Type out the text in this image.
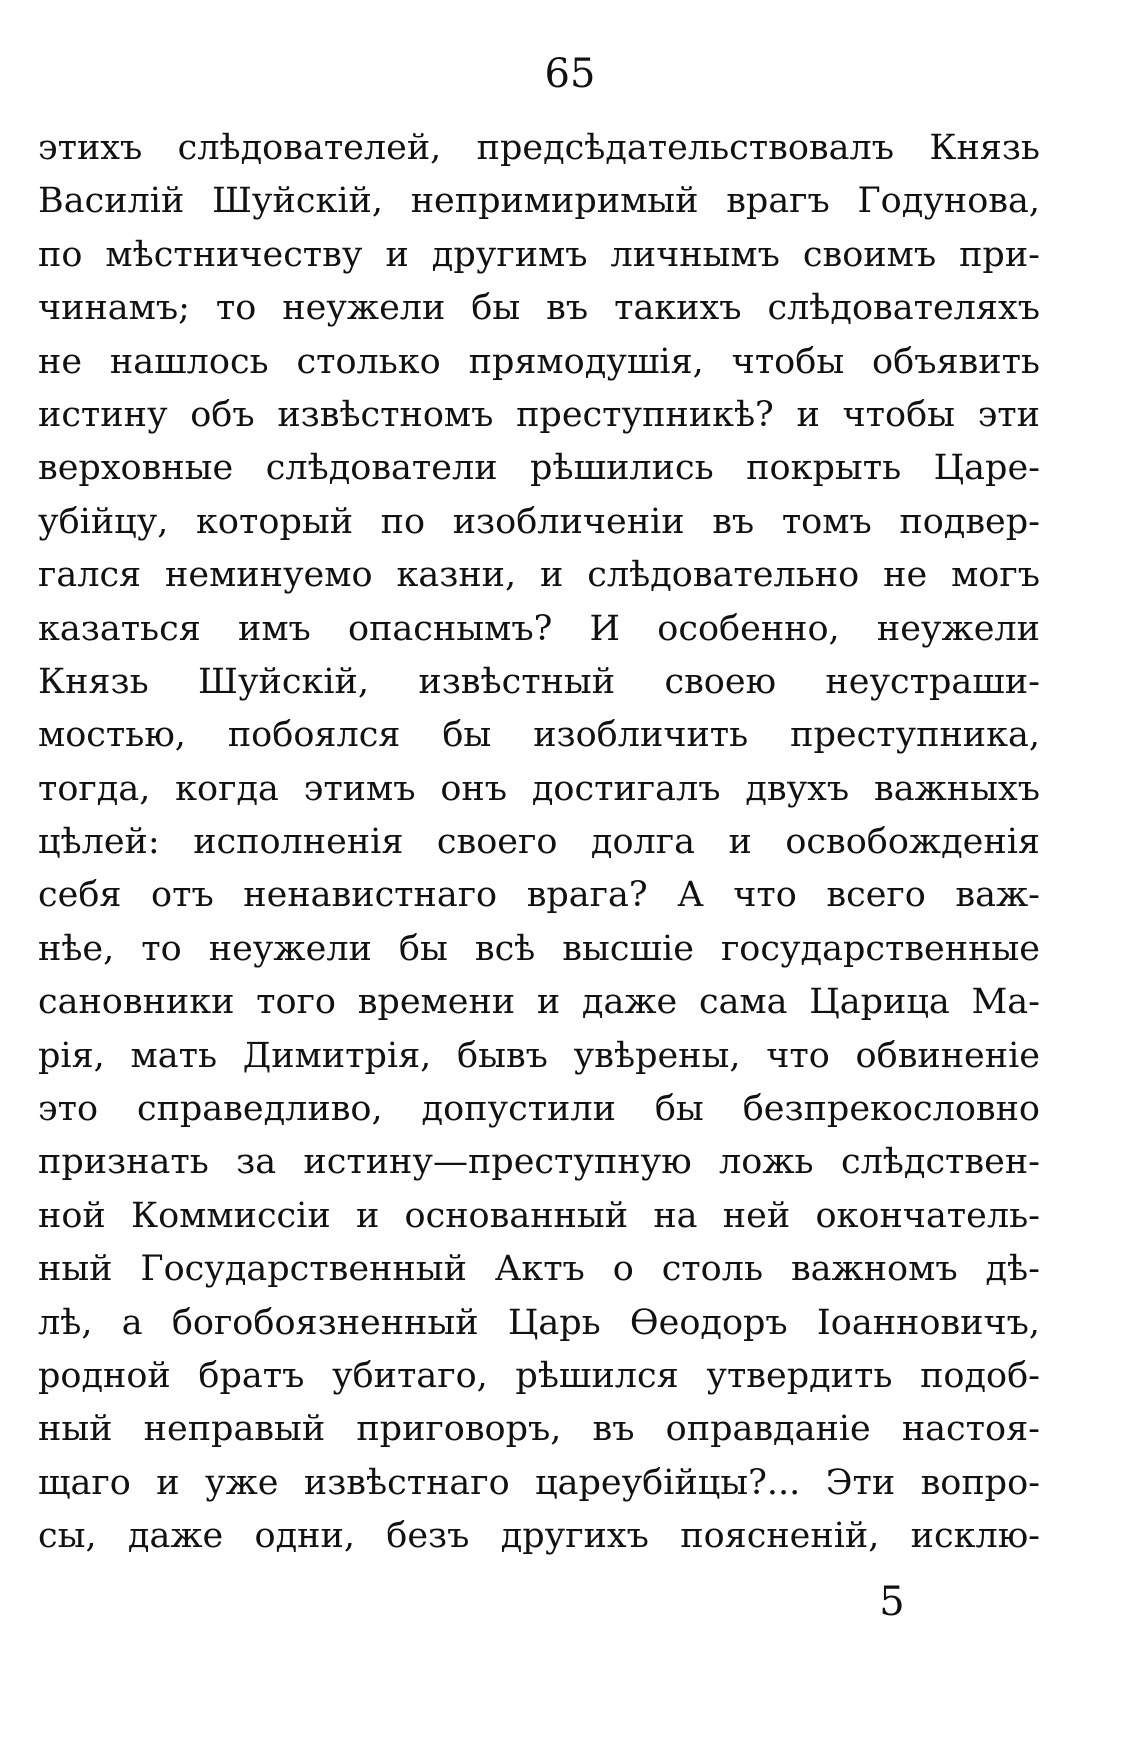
65

этихъ слѣдователей, предсѣдательствовалъ Князь
Василій Шуйскій, непримиримый врагъ Годунова,
по мѣстничеству и другимъ личнымъ своимъ при-
чинамъ; то неужели бы въ такихъ слѣдователяхъ
не нашлось столько прямодушія, чтобы объявить
истину объ извѣстномъ преступникѣ? и чтобы эти
верховные слѣдователи рѣшились покрыть Царе-
убійцу, который по изобличеніи въ томъ подвер-
гался неминуемо казни, и слѣдовательно не могъ
казаться имъ опаснымъ? И особенно, неужели
Князь Шуйскій, извѣстный своею неустраши-
мостью, побоялся бы изобличить преступника,
тогда, когда этимъ онъ достигалъ двухъ важныхъ
цѣлей: исполненія своего долга и освобожденія
себя отъ ненавистнаго врага? А что всего важ-
нѣе, то неужели бы всѣ высшіе государственные
сановники того времени и даже сама Царица Ма-
рія, мать Димитрія, бывъ увѣрены, что обвиненіе
это справедливо, допустили бы безпрекословно
признать за истину—преступную ложь слѣдствен-
ной Коммиссіи и основанный на ней окончатель-
ный Государственный Актъ о столь важномъ дѣ-
лѣ, а богобоязненный Царь Ѳеодоръ Іоанновичъ,
родной братъ убитаго, рѣшился утвердить подоб-
ный неправый приговоръ, въ оправданіе настоя-
щаго и уже извѣстнаго цареубійцы?... Эти вопро-
сы, даже одни, безъ другихъ поясненій, исклю-

5
